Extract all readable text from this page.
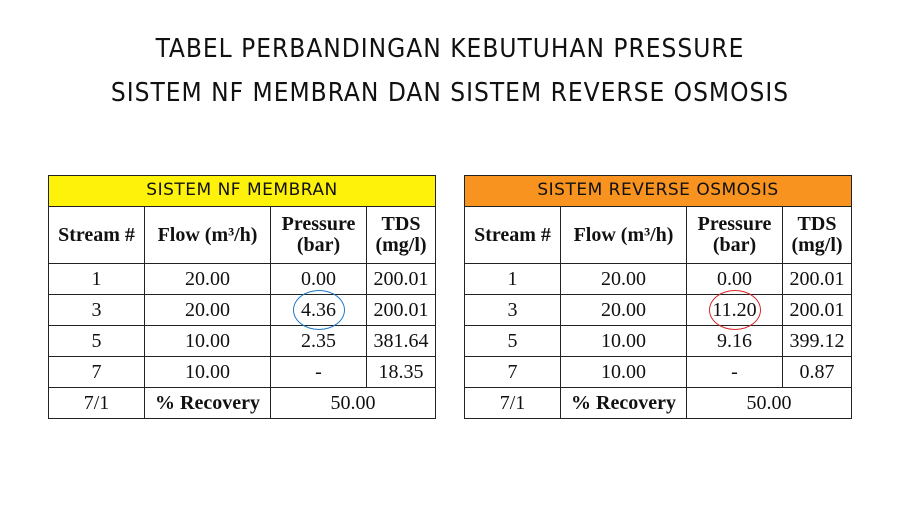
TABEL PERBANDINGAN KEBUTUHAN PRESSURE
SISTEM NF MEMBRAN DAN SISTEM REVERSE OSMOSIS
SISTEM NF MEMBRAN			
Stream #	Flow (m³/h)	Pressure (bar)	TDS (mg/l)
1	20.00	0.00	200.01
3	20.00	4.36	200.01
5	10.00	2.35	381.64
7	10.00	-	18.35
7/1	% Recovery	50.00	
SISTEM REVERSE OSMOSIS			
Stream #	Flow (m³/h)	Pressure (bar)	TDS (mg/l)
1	20.00	0.00	200.01
3	20.00	11.20	200.01
5	10.00	9.16	399.12
7	10.00	-	0.87
7/1	% Recovery	50.00	
